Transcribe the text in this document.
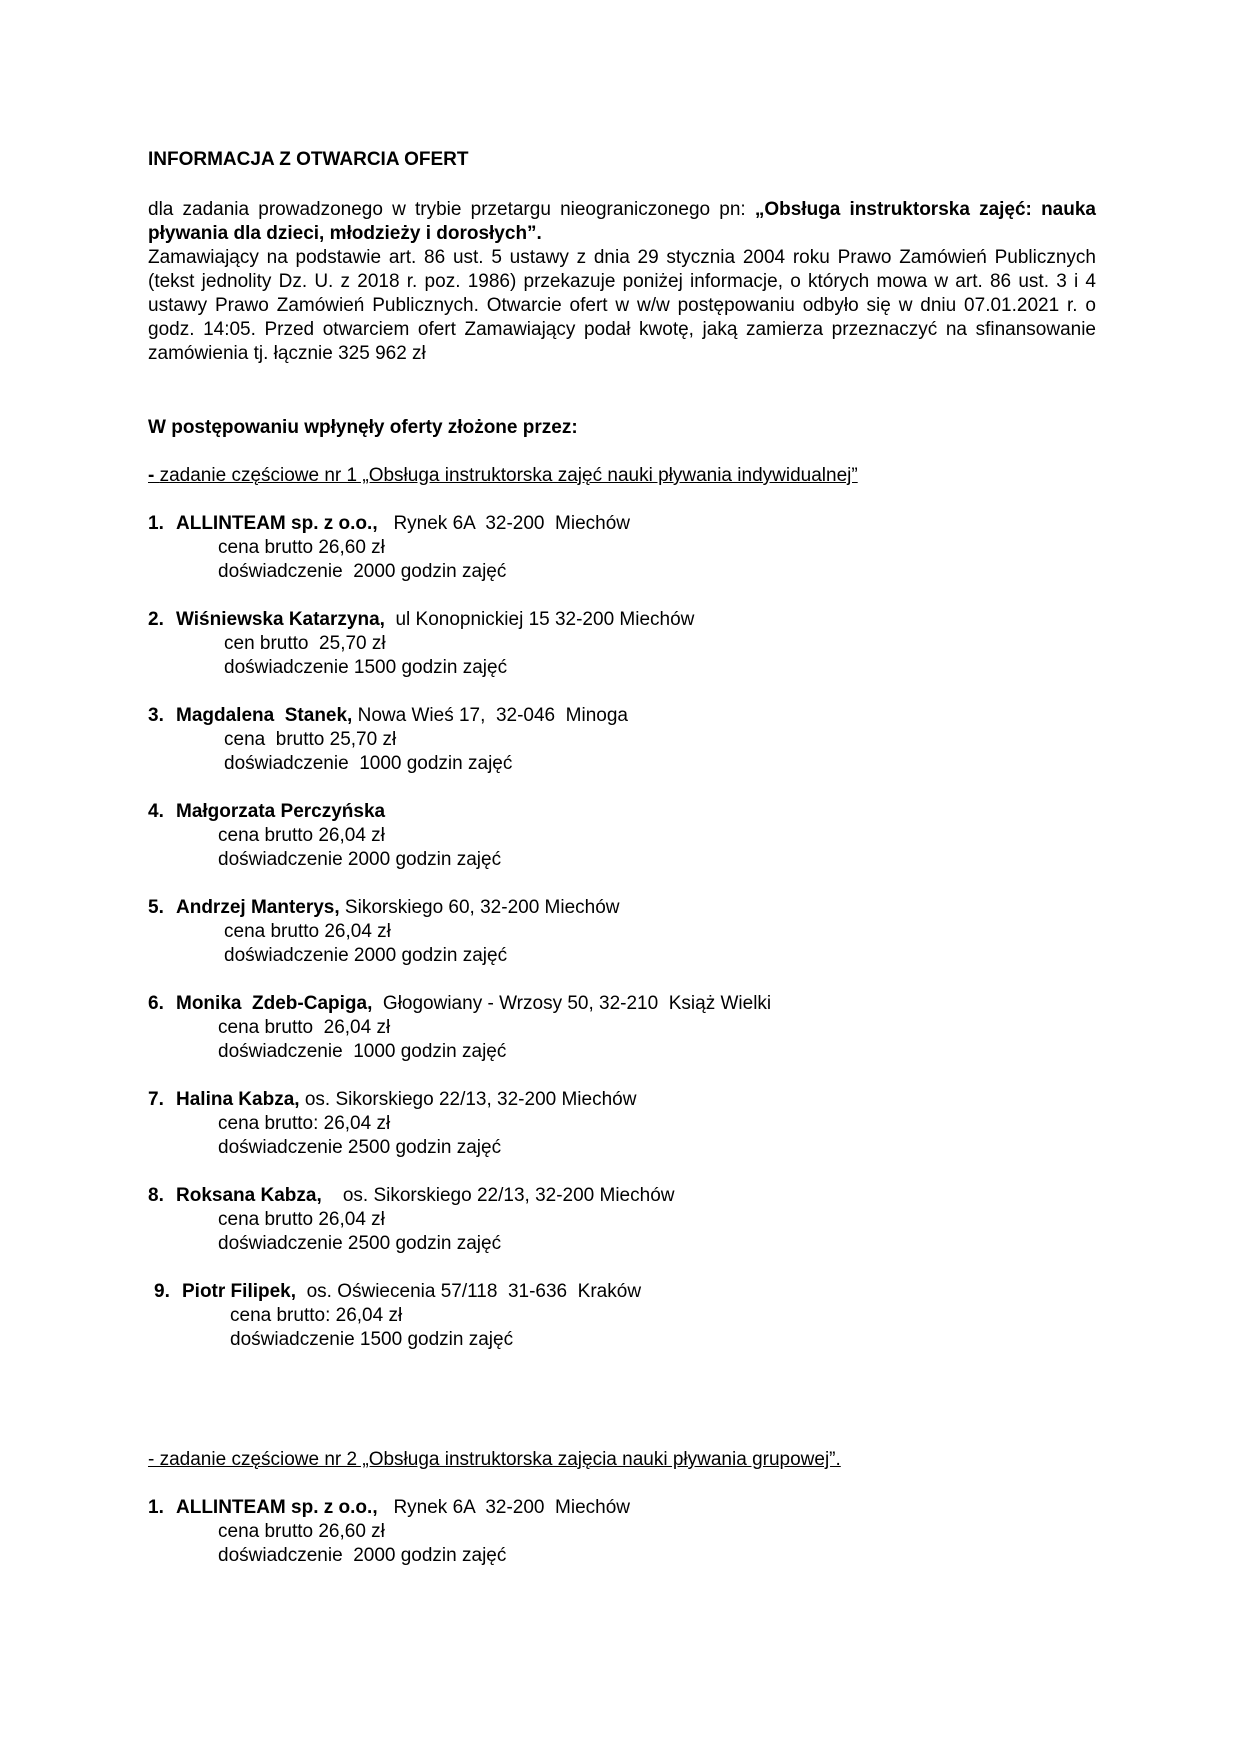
INFORMACJA Z OTWARCIA OFERT
dla zadania prowadzonego w trybie przetargu nieograniczonego pn: „Obsługa instruktorska zajęć: nauka pływania dla dzieci, młodzieży i dorosłych”.
Zamawiający na podstawie art. 86 ust. 5 ustawy z dnia 29 stycznia 2004 roku Prawo Zamówień Publicznych (tekst jednolity Dz. U. z 2018 r. poz. 1986) przekazuje poniżej informacje, o których mowa w art. 86 ust. 3 i 4 ustawy Prawo Zamówień Publicznych. Otwarcie ofert w w/w postępowaniu odbyło się w dniu 07.01.2021 r. o godz. 14:05. Przed otwarciem ofert Zamawiający podał kwotę, jaką zamierza przeznaczyć na sfinansowanie zamówienia tj. łącznie 325 962 zł
W postępowaniu wpłynęły oferty złożone przez:
- zadanie częściowe nr 1 „Obsługa instruktorska zajęć nauki pływania indywidualnej”
1. ALLINTEAM sp. z o.o.,   Rynek 6A  32-200  Miechów
cena brutto 26,60 zł
doświadczenie  2000 godzin zajęć
2. Wiśniewska Katarzyna,  ul Konopnickiej 15 32-200 Miechów
cen brutto  25,70 zł
doświadczenie 1500 godzin zajęć
3. Magdalena  Stanek, Nowa Wieś 17,  32-046  Minoga
cena  brutto 25,70 zł
doświadczenie  1000 godzin zajęć
4. Małgorzata Perczyńska
cena brutto 26,04 zł
doświadczenie 2000 godzin zajęć
5. Andrzej Manterys, Sikorskiego 60, 32-200 Miechów
cena brutto 26,04 zł
doświadczenie 2000 godzin zajęć
6. Monika  Zdeb-Capiga,  Głogowiany - Wrzosy 50, 32-210  Książ Wielki
cena brutto  26,04 zł
doświadczenie  1000 godzin zajęć
7. Halina Kabza, os. Sikorskiego 22/13, 32-200 Miechów
cena brutto: 26,04 zł
doświadczenie 2500 godzin zajęć
8. Roksana Kabza,    os. Sikorskiego 22/13, 32-200 Miechów
cena brutto 26,04 zł
doświadczenie 2500 godzin zajęć
9. Piotr Filipek,  os. Oświecenia 57/118  31-636  Kraków
cena brutto: 26,04 zł
doświadczenie 1500 godzin zajęć
- zadanie częściowe nr 2 „Obsługa instruktorska zajęcia nauki pływania grupowej”.
1. ALLINTEAM sp. z o.o.,   Rynek 6A  32-200  Miechów
cena brutto 26,60 zł
doświadczenie  2000 godzin zajęć
